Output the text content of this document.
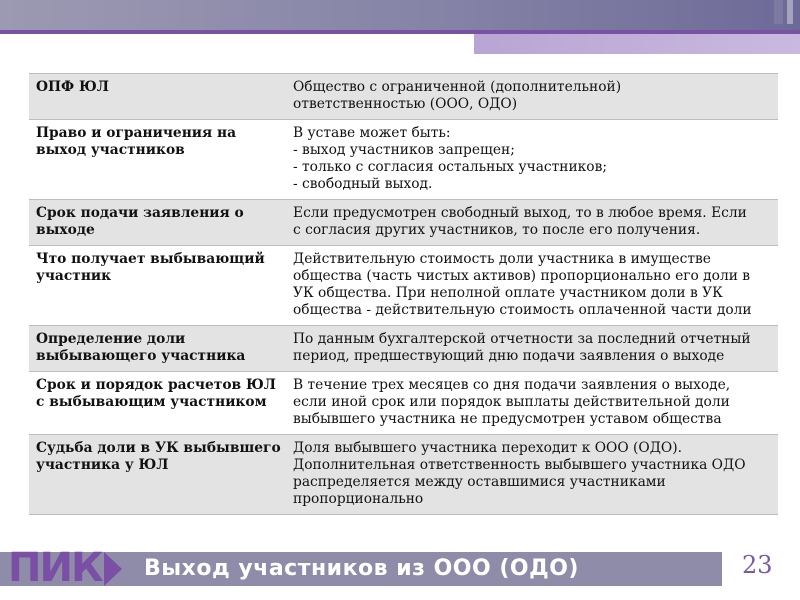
ОПФ ЮЛ	Общество с ограниченной (дополнительной)
ответственностью (ООО, ОДО)

Право и ограничения на
выход участников	В уставе может быть:
- выход участников запрещен;
- только с согласия остальных участников;
- свободный выход.

Срок подачи заявления о
выходе	Если предусмотрен свободный выход, то в любое время. Если
с согласия других участников, то после его получения.

Что получает выбывающий
участник	Действительную стоимость доли участника в имуществе
общества (часть чистых активов) пропорционально его доли в
УК общества. При неполной оплате участником доли в УК
общества - действительную стоимость оплаченной части доли

Определение доли
выбывающего участника	По данным бухгалтерской отчетности за последний отчетный
период, предшествующий дню подачи заявления о выходе

Срок и порядок расчетов ЮЛ
с выбывающим участником	В течение трех месяцев со дня подачи заявления о выходе,
если иной срок или порядок выплаты действительной доли
выбывшего участника не предусмотрен уставом общества

Судьба доли в УК выбывшего
участника у ЮЛ	Доля выбывшего участника переходит к ООО (ОДО).
Дополнительная ответственность выбывшего участника ОДО
распределяется между оставшимися участниками
пропорционально
ПИК Выход участников из ООО (ОДО)	23
